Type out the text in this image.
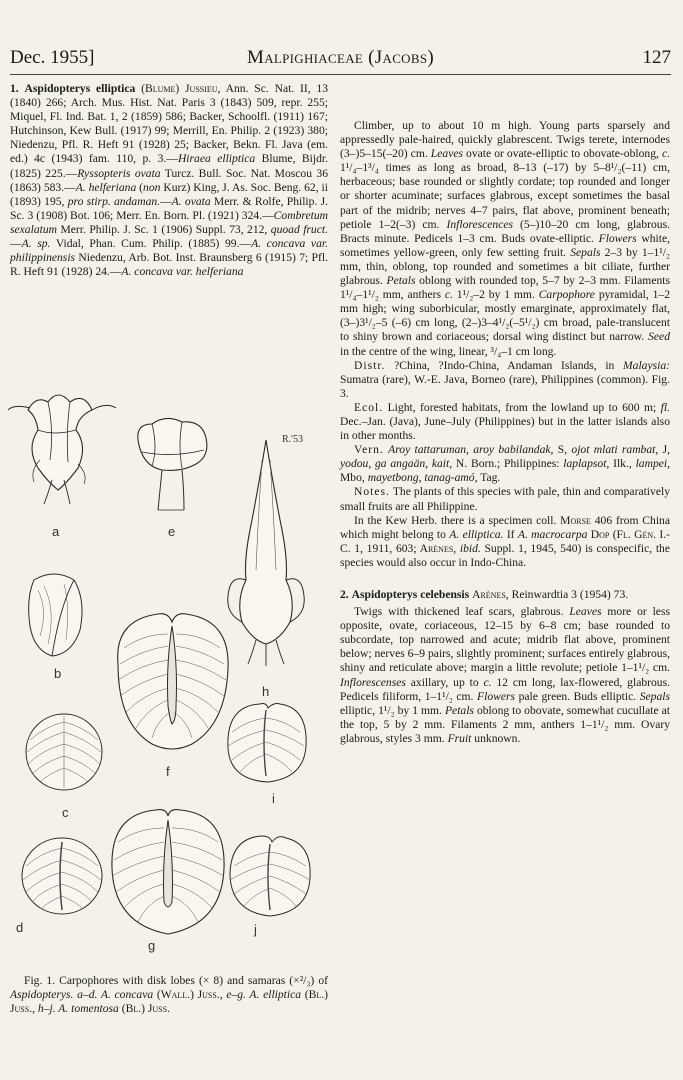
Dec. 1955]	Malpighiaceae (Jacobs)	127

1. Aspidopterys elliptica (Blume) Jussieu, Ann. Sc. Nat. II, 13 (1840) 266; Arch. Mus. Hist. Nat. Paris 3 (1843) 509, repr. 255; Miquel, Fl. Ind. Bat. 1, 2 (1859) 586; Backer, Schoolfl. (1911) 167; Hutchinson, Kew Bull. (1917) 99; Merrill, En. Philip. 2 (1923) 380; Niedenzu, Pfl. R. Heft 91 (1928) 25; Backer, Bekn. Fl. Java (em. ed.) 4c (1943) fam. 110, p. 3.—Hiraea elliptica Blume, Bijdr. (1825) 225.—Ryssopteris ovata Turcz. Bull. Soc. Nat. Moscou 36 (1863) 583.—A. helferiana (non Kurz) King, J. As. Soc. Beng. 62, ii (1893) 195, pro stirp. andaman.—A. ovata Merr. & Rolfe, Philip. J. Sc. 3 (1908) Bot. 106; Merr. En. Born. Pl. (1921) 324.—Combretum sexalatum Merr. Philip. J. Sc. 1 (1906) Suppl. 73, 212, quoad fruct.—A. sp. Vidal, Phan. Cum. Philip. (1885) 99.—A. concava var. philippinensis Niedenzu, Arb. Bot. Inst. Braunsberg 6 (1915) 7; Pfl. R. Heft 91 (1928) 24.—A. concava var. helferiana

a
b
c
d
e
f
g
h
R.'53
i
j

Fig. 1. Carpophores with disk lobes (× 8) and samaras (×²/₃) of Aspidopterys. a–d. A. concava (Wall.) Juss., e–g. A. elliptica (Bl.) Juss., h–j. A. tomentosa (Bl.) Juss.

Climber, up to about 10 m high. Young parts sparsely and appressedly pale-haired, quickly glabrescent. Twigs terete, internodes (3–)5–15(–20) cm. Leaves ovate or ovate-elliptic to obovate-oblong, c. 1¹/₄–1³/₄ times as long as broad, 8–13 (–17) by 5–8¹/₂(–11) cm, herbaceous; base rounded or slightly cordate; top rounded and longer or shorter acuminate; surfaces glabrous, except sometimes the basal part of the midrib; nerves 4–7 pairs, flat above, prominent beneath; petiole 1–2(–3) cm. Inflorescences (5–)10–20 cm long, glabrous. Bracts minute. Pedicels 1–3 cm. Buds ovate-elliptic. Flowers white, sometimes yellow-green, only few setting fruit. Sepals 2–3 by 1–1¹/₂ mm, thin, oblong, top rounded and sometimes a bit ciliate, further glabrous. Petals oblong with rounded top, 5–7 by 2–3 mm. Filaments 1¹/₄–1¹/₂ mm, anthers c. 1¹/₂–2 by 1 mm. Carpophore pyramidal, 1–2 mm high; wing suborbicular, mostly emarginate, approximately flat, (3–)3¹/₂–5 (–6) cm long, (2–)3–4¹/₂(–5¹/₂) cm broad, pale-translucent to shiny brown and coriaceous; dorsal wing distinct but narrow. Seed in the centre of the wing, linear, ³/₄–1 cm long.

Distr. ?China, ?Indo-China, Andaman Islands, in Malaysia: Sumatra (rare), W.-E. Java, Borneo (rare), Philippines (common). Fig. 3.

Ecol. Light, forested habitats, from the lowland up to 600 m; fl. Dec.–Jan. (Java), June–July (Philippines) but in the latter islands also in other months.

Vern. Aroy tattaruman, aroy babilandak, S, ojot mlati rambat, J, yodou, ga angaän, kait, N. Born.; Philippines: laplapsot, Ilk., lampei, Mbo, mayetbong, tanag-amó, Tag.

Notes. The plants of this species with pale, thin and comparatively small fruits are all Philippine.

In the Kew Herb. there is a specimen coll. Morse 406 from China which might belong to A. elliptica. If A. macrocarpa Dop (Fl. Gén. I.-C. 1, 1911, 603; Arènes, ibid. Suppl. 1, 1945, 540) is conspecific, the species would also occur in Indo-China.

2. Aspidopterys celebensis Arènes, Reinwardtia 3 (1954) 73.

Twigs with thickened leaf scars, glabrous. Leaves more or less opposite, ovate, coriaceous, 12–15 by 6–8 cm; base rounded to subcordate, top narrowed and acute; midrib flat above, prominent below; nerves 6–9 pairs, slightly prominent; surfaces entirely glabrous, shiny and reticulate above; margin a little revolute; petiole 1–1¹/₂ cm. Inflorescenses axillary, up to c. 12 cm long, lax-flowered, glabrous. Pedicels filiform, 1–1¹/₂ cm. Flowers pale green. Buds elliptic. Sepals elliptic, 1¹/₂ by 1 mm. Petals oblong to obovate, somewhat cucullate at the top, 5 by 2 mm. Filaments 2 mm, anthers 1–1¹/₂ mm. Ovary glabrous, styles 3 mm. Fruit unknown.
